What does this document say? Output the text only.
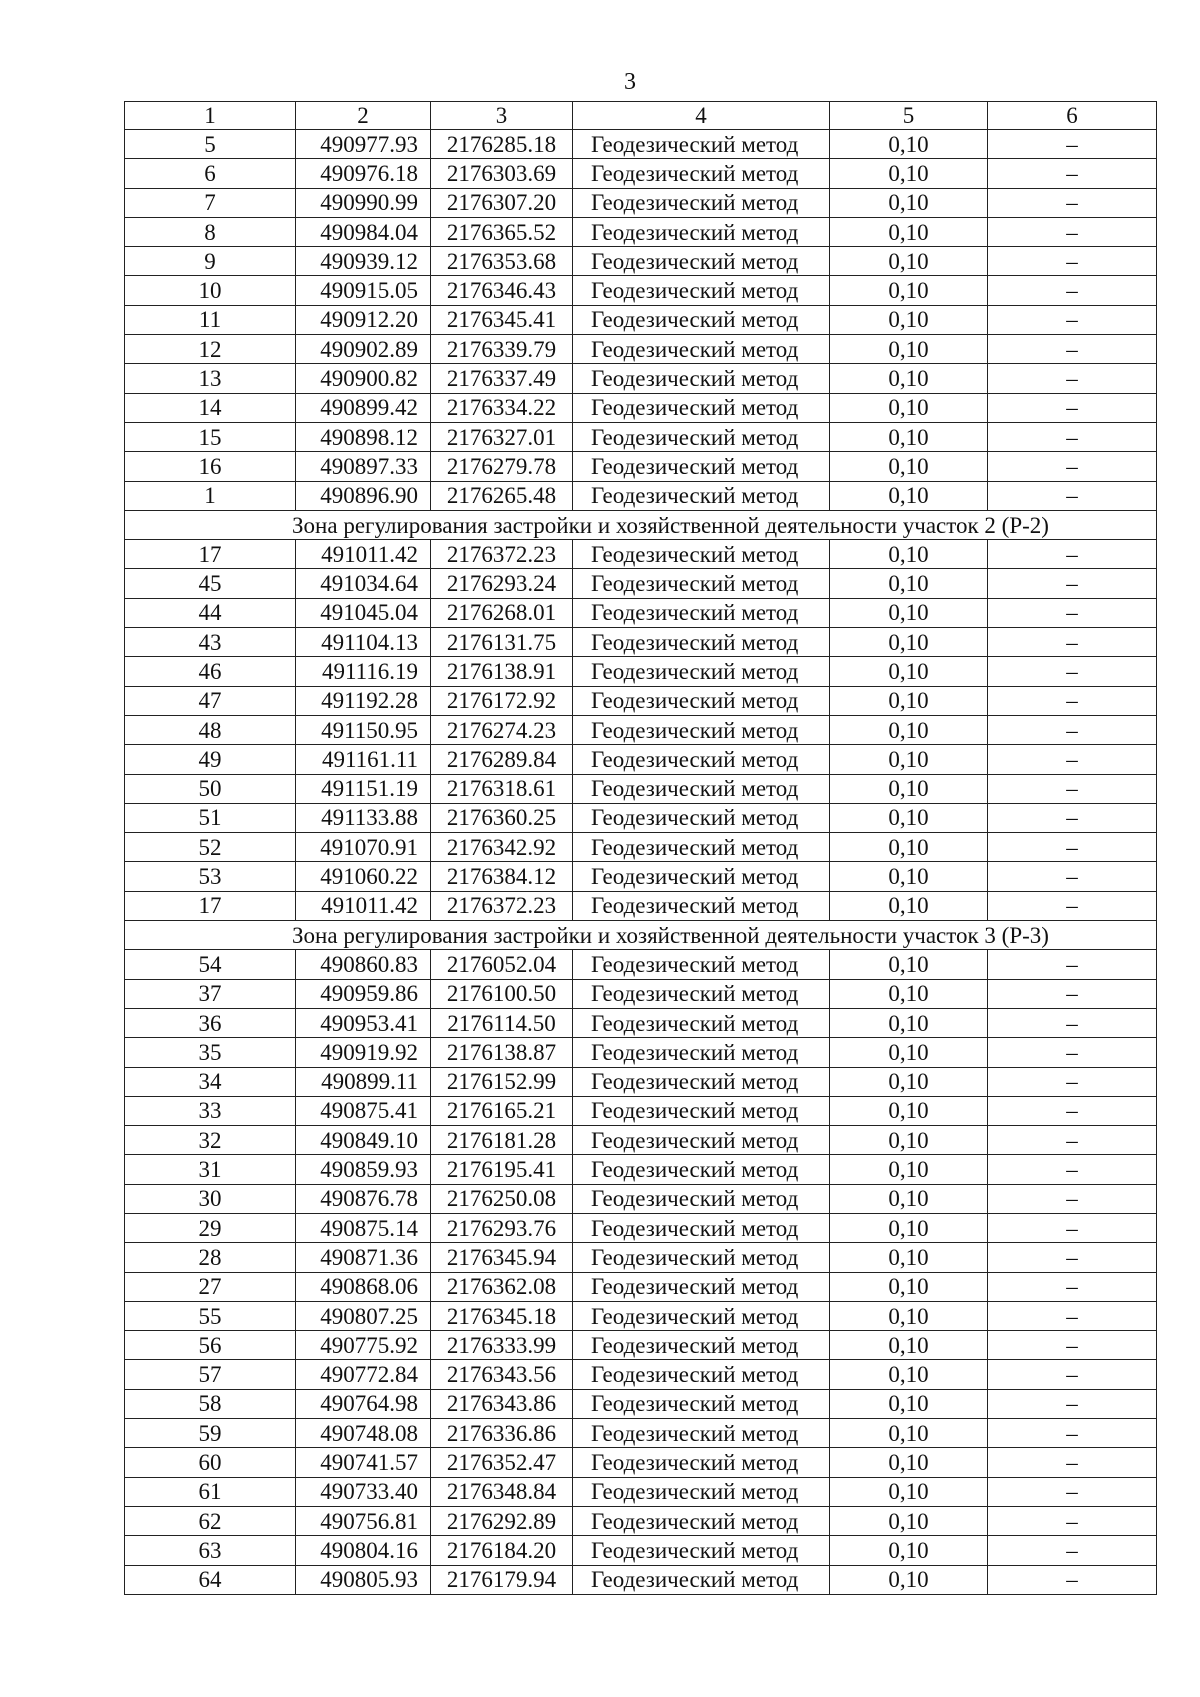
3
1	2	3	4	5	6
5	490977.93	2176285.18	Геодезический метод	0,10	–
6	490976.18	2176303.69	Геодезический метод	0,10	–
7	490990.99	2176307.20	Геодезический метод	0,10	–
8	490984.04	2176365.52	Геодезический метод	0,10	–
9	490939.12	2176353.68	Геодезический метод	0,10	–
10	490915.05	2176346.43	Геодезический метод	0,10	–
11	490912.20	2176345.41	Геодезический метод	0,10	–
12	490902.89	2176339.79	Геодезический метод	0,10	–
13	490900.82	2176337.49	Геодезический метод	0,10	–
14	490899.42	2176334.22	Геодезический метод	0,10	–
15	490898.12	2176327.01	Геодезический метод	0,10	–
16	490897.33	2176279.78	Геодезический метод	0,10	–
1	490896.90	2176265.48	Геодезический метод	0,10	–
Зона регулирования застройки и хозяйственной деятельности участок 2 (Р-2)					
17	491011.42	2176372.23	Геодезический метод	0,10	–
45	491034.64	2176293.24	Геодезический метод	0,10	–
44	491045.04	2176268.01	Геодезический метод	0,10	–
43	491104.13	2176131.75	Геодезический метод	0,10	–
46	491116.19	2176138.91	Геодезический метод	0,10	–
47	491192.28	2176172.92	Геодезический метод	0,10	–
48	491150.95	2176274.23	Геодезический метод	0,10	–
49	491161.11	2176289.84	Геодезический метод	0,10	–
50	491151.19	2176318.61	Геодезический метод	0,10	–
51	491133.88	2176360.25	Геодезический метод	0,10	–
52	491070.91	2176342.92	Геодезический метод	0,10	–
53	491060.22	2176384.12	Геодезический метод	0,10	–
17	491011.42	2176372.23	Геодезический метод	0,10	–
Зона регулирования застройки и хозяйственной деятельности участок 3 (Р-3)					
54	490860.83	2176052.04	Геодезический метод	0,10	–
37	490959.86	2176100.50	Геодезический метод	0,10	–
36	490953.41	2176114.50	Геодезический метод	0,10	–
35	490919.92	2176138.87	Геодезический метод	0,10	–
34	490899.11	2176152.99	Геодезический метод	0,10	–
33	490875.41	2176165.21	Геодезический метод	0,10	–
32	490849.10	2176181.28	Геодезический метод	0,10	–
31	490859.93	2176195.41	Геодезический метод	0,10	–
30	490876.78	2176250.08	Геодезический метод	0,10	–
29	490875.14	2176293.76	Геодезический метод	0,10	–
28	490871.36	2176345.94	Геодезический метод	0,10	–
27	490868.06	2176362.08	Геодезический метод	0,10	–
55	490807.25	2176345.18	Геодезический метод	0,10	–
56	490775.92	2176333.99	Геодезический метод	0,10	–
57	490772.84	2176343.56	Геодезический метод	0,10	–
58	490764.98	2176343.86	Геодезический метод	0,10	–
59	490748.08	2176336.86	Геодезический метод	0,10	–
60	490741.57	2176352.47	Геодезический метод	0,10	–
61	490733.40	2176348.84	Геодезический метод	0,10	–
62	490756.81	2176292.89	Геодезический метод	0,10	–
63	490804.16	2176184.20	Геодезический метод	0,10	–
64	490805.93	2176179.94	Геодезический метод	0,10	–
